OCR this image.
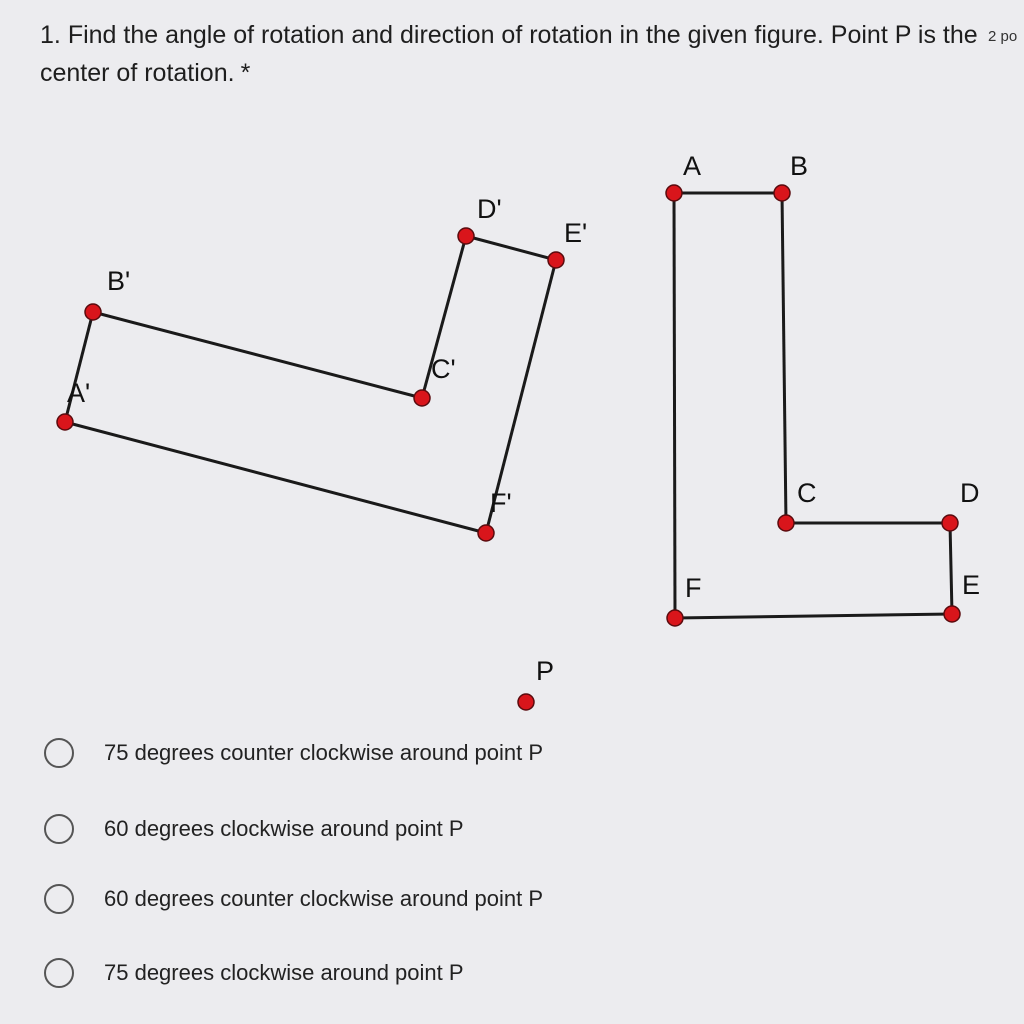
1. Find the angle of rotation and direction of rotation in the given figure. Point P is the center of rotation. *
2 po
A	B
C	D
E
F
A'
B'
C'
D'
E'
F'
P
75 degrees counter clockwise around point P
60 degrees clockwise around point P
60 degrees counter clockwise around point P
75 degrees clockwise around point P
